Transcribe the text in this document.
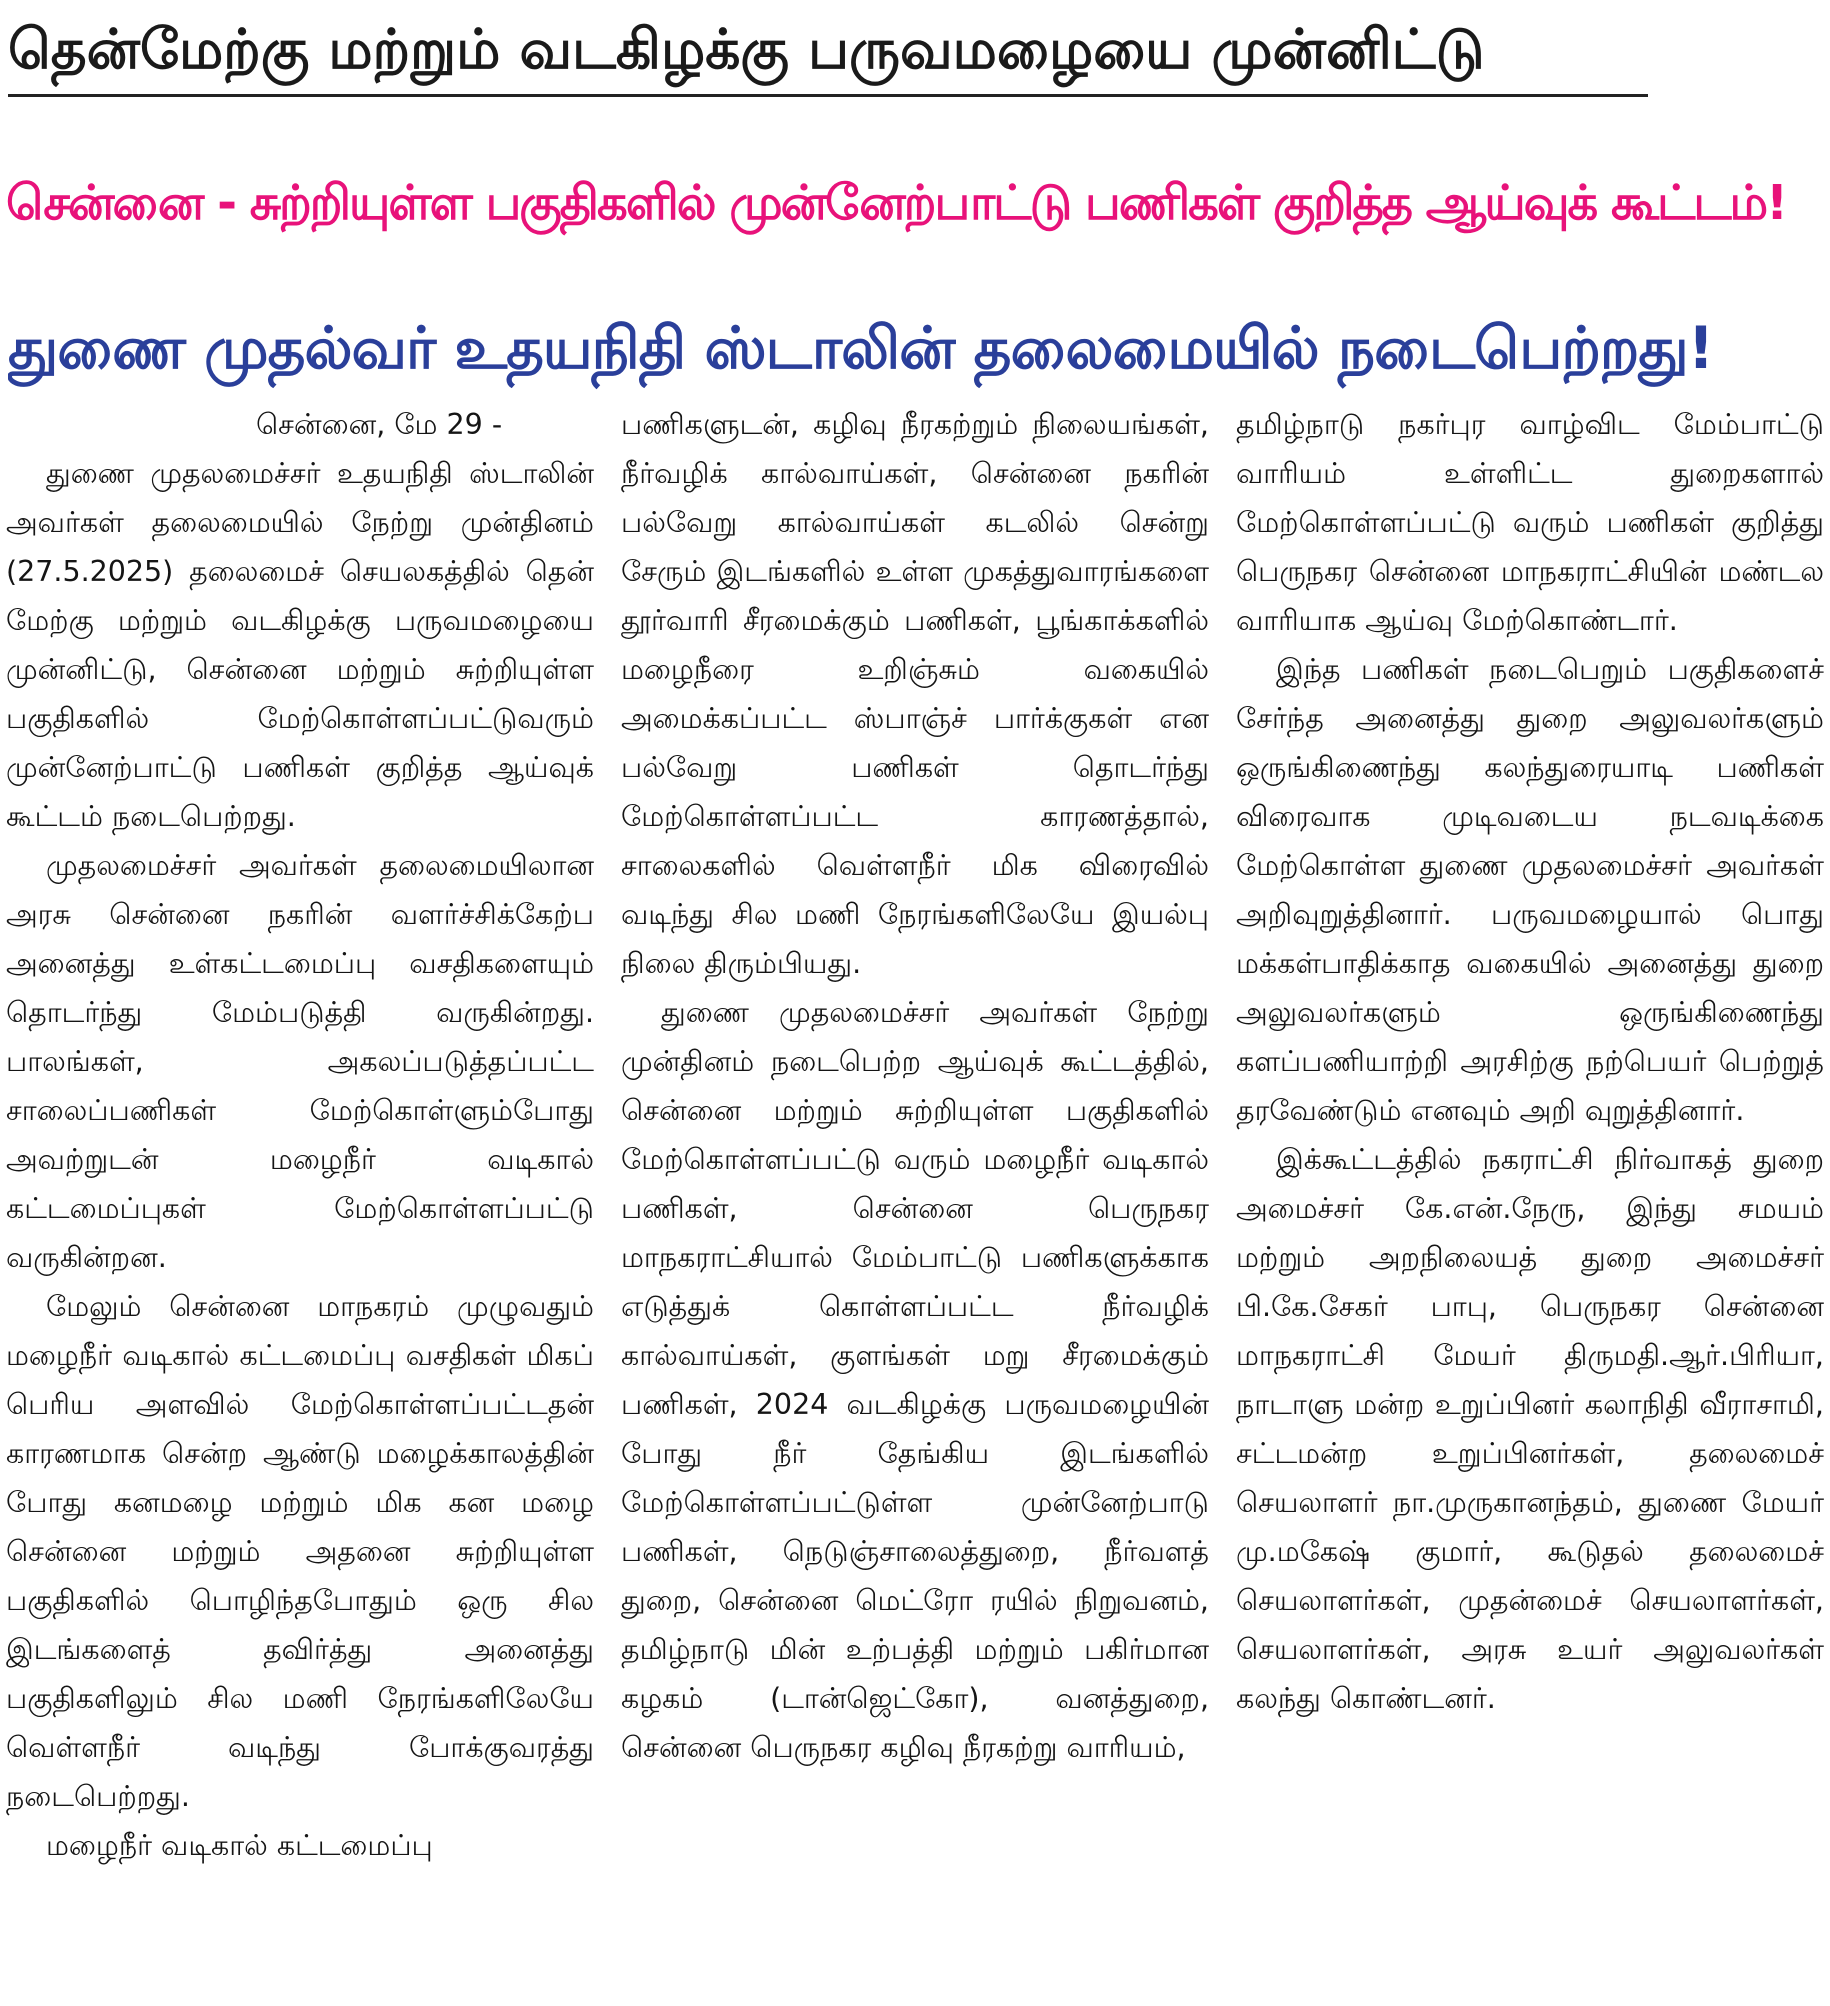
தென்மேற்கு மற்றும் வடகிழக்கு பருவமழையை முன்னிட்டு
சென்னை - சுற்றியுள்ள பகுதிகளில் முன்னேற்பாட்டு பணிகள் குறித்த ஆய்வுக் கூட்டம்!
துணை முதல்வர் உதயநிதி ஸ்டாலின் தலைமையில் நடைபெற்றது!
சென்னை, மே 29 -

துணை முதலமைச்சர் உதயநிதி ஸ்டாலின் அவர்கள் தலைமையில் நேற்று முன்தினம் (27.5.2025) தலைமைச் செயலகத்தில் தென் மேற்கு மற்றும் வடகிழக்கு பருவமழையை முன்னிட்டு, சென்னை மற்றும் சுற்றியுள்ள பகுதிகளில் மேற்கொள்ளப்பட்டுவரும் முன்னேற்பாட்டு பணிகள் குறித்த ஆய்வுக் கூட்டம் நடைபெற்றது.

முதலமைச்சர் அவர்கள் தலைமையிலான அரசு சென்னை நகரின் வளர்ச்சிக்கேற்ப அனைத்து உள்கட்டமைப்பு வசதிகளையும் தொடர்ந்து மேம்படுத்தி வருகின்றது. பாலங்கள், அகலப்படுத்தப்பட்ட சாலைப்பணிகள் மேற்கொள்ளும்போது அவற்றுடன் மழைநீர் வடிகால் கட்டமைப்புகள் மேற்கொள்ளப்பட்டு வருகின்றன.

மேலும் சென்னை மாநகரம் முழுவதும் மழைநீர் வடிகால் கட்டமைப்பு வசதிகள் மிகப் பெரிய அளவில் மேற்கொள்ளப்பட்டதன் காரணமாக சென்ற ஆண்டு மழைக்காலத்தின் போது கனமழை மற்றும் மிக கன மழை சென்னை மற்றும் அதனை சுற்றியுள்ள பகுதிகளில் பொழிந்தபோதும் ஒரு சில இடங்களைத் தவிர்த்து அனைத்து பகுதிகளிலும் சில மணி நேரங்களிலேயே வெள்ளநீர் வடிந்து போக்குவரத்து நடைபெற்றது.

மழைநீர் வடிகால் கட்டமைப்பு

பணிகளுடன், கழிவு நீரகற்றும் நிலையங்கள், நீர்வழிக் கால்வாய்கள், சென்னை நகரின் பல்வேறு கால்வாய்கள் கடலில் சென்று சேரும் இடங்களில் உள்ள முகத்துவாரங்களை தூர்வாரி சீரமைக்கும் பணிகள், பூங்காக்களில் மழைநீரை உறிஞ்சும் வகையில் அமைக்கப்பட்ட ஸ்பாஞ்ச் பார்க்குகள் என பல்வேறு பணிகள் தொடர்ந்து மேற்கொள்ளப்பட்ட காரணத்தால், சாலைகளில் வெள்ளநீர் மிக விரைவில் வடிந்து சில மணி நேரங்களிலேயே இயல்பு நிலை திரும்பியது.

துணை முதலமைச்சர் அவர்கள் நேற்று முன்தினம் நடைபெற்ற ஆய்வுக் கூட்டத்தில், சென்னை மற்றும் சுற்றியுள்ள பகுதிகளில் மேற்கொள்ளப்பட்டு வரும் மழைநீர் வடிகால் பணிகள், சென்னை பெருநகர மாநகராட்சியால் மேம்பாட்டு பணிகளுக்காக எடுத்துக் கொள்ளப்பட்ட நீர்வழிக் கால்வாய்கள், குளங்கள் மறு சீரமைக்கும் பணிகள், 2024 வடகிழக்கு பருவமழையின் போது நீர் தேங்கிய இடங்களில் மேற்கொள்ளப்பட்டுள்ள முன்னேற்பாடு பணிகள், நெடுஞ்சாலைத்துறை, நீர்வளத் துறை, சென்னை மெட்ரோ ரயில் நிறுவனம், தமிழ்நாடு மின் உற்பத்தி மற்றும் பகிர்மான கழகம் (டான்ஜெட்கோ), வனத்துறை, சென்னை பெருநகர கழிவு நீரகற்று வாரியம்,

தமிழ்நாடு நகர்புர வாழ்விட மேம்பாட்டு வாரியம் உள்ளிட்ட துறைகளால் மேற்கொள்ளப்பட்டு வரும் பணிகள் குறித்து பெருநகர சென்னை மாநகராட்சியின் மண்டல வாரியாக ஆய்வு மேற்கொண்டார்.

இந்த பணிகள் நடைபெறும் பகுதிகளைச் சேர்ந்த அனைத்து துறை அலுவலர்களும் ஒருங்கிணைந்து கலந்துரையாடி பணிகள் விரைவாக முடிவடைய நடவடிக்கை மேற்கொள்ள துணை முதலமைச்சர் அவர்கள் அறிவுறுத்தினார். பருவமழையால் பொது மக்கள்பாதிக்காத வகையில் அனைத்து துறை அலுவலர்களும் ஒருங்கிணைந்து களப்பணியாற்றி அரசிற்கு நற்பெயர் பெற்றுத் தரவேண்டும் எனவும் அறி வுறுத்தினார்.

இக்கூட்டத்தில் நகராட்சி நிர்வாகத் துறை அமைச்சர் கே.என்.நேரு, இந்து சமயம் மற்றும் அறநிலையத் துறை அமைச்சர் பி.கே.சேகர் பாபு, பெருநகர சென்னை மாநகராட்சி மேயர் திருமதி.ஆர்.பிரியா, நாடாளு மன்ற உறுப்பினர் கலாநிதி வீராசாமி, சட்டமன்ற உறுப்பினர்கள், தலைமைச் செயலாளர் நா.முருகானந்தம், துணை மேயர் மு.மகேஷ் குமார், கூடுதல் தலைமைச் செயலாளர்கள், முதன்மைச் செயலாளர்கள், செயலாளர்கள், அரசு உயர் அலுவலர்கள் கலந்து கொண்டனர்.
